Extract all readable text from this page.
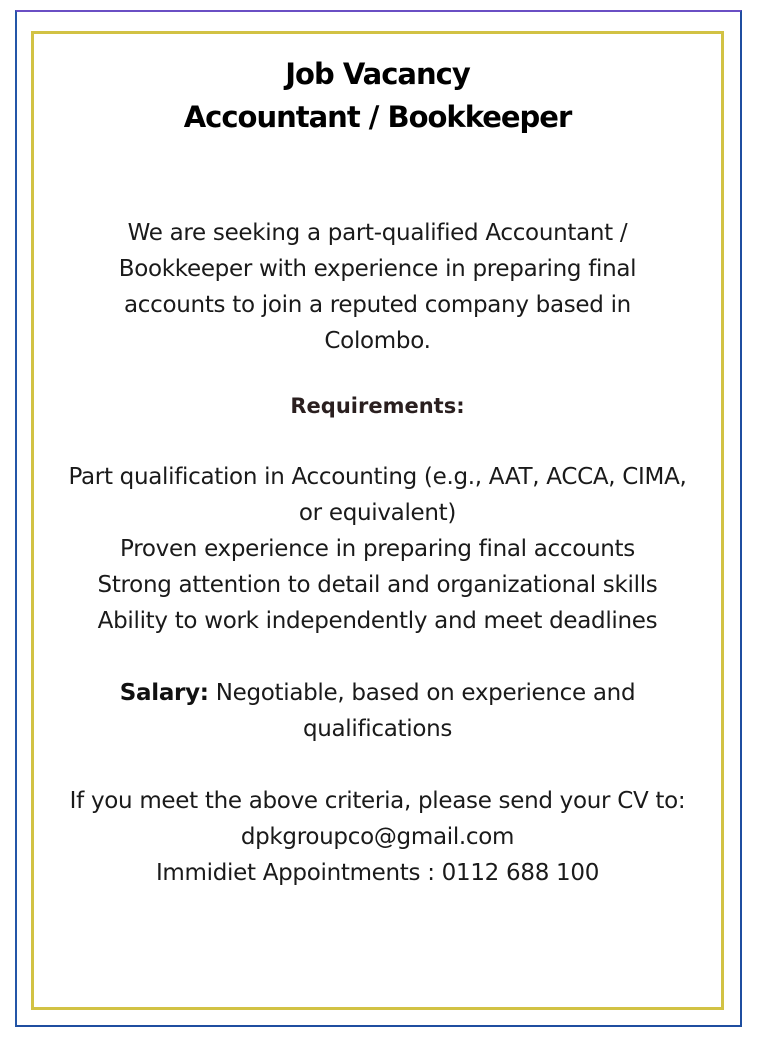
Job Vacancy
Accountant / Bookkeeper
We are seeking a part-qualified Accountant / Bookkeeper with experience in preparing final accounts to join a reputed company based in Colombo.
Requirements:
Part qualification in Accounting (e.g., AAT, ACCA, CIMA, or equivalent)
Proven experience in preparing final accounts
Strong attention to detail and organizational skills
Ability to work independently and meet deadlines
Salary: Negotiable, based on experience and qualifications
If you meet the above criteria, please send your CV to:
dpkgroupco@gmail.com
Immidiet Appointments : 0112 688 100
